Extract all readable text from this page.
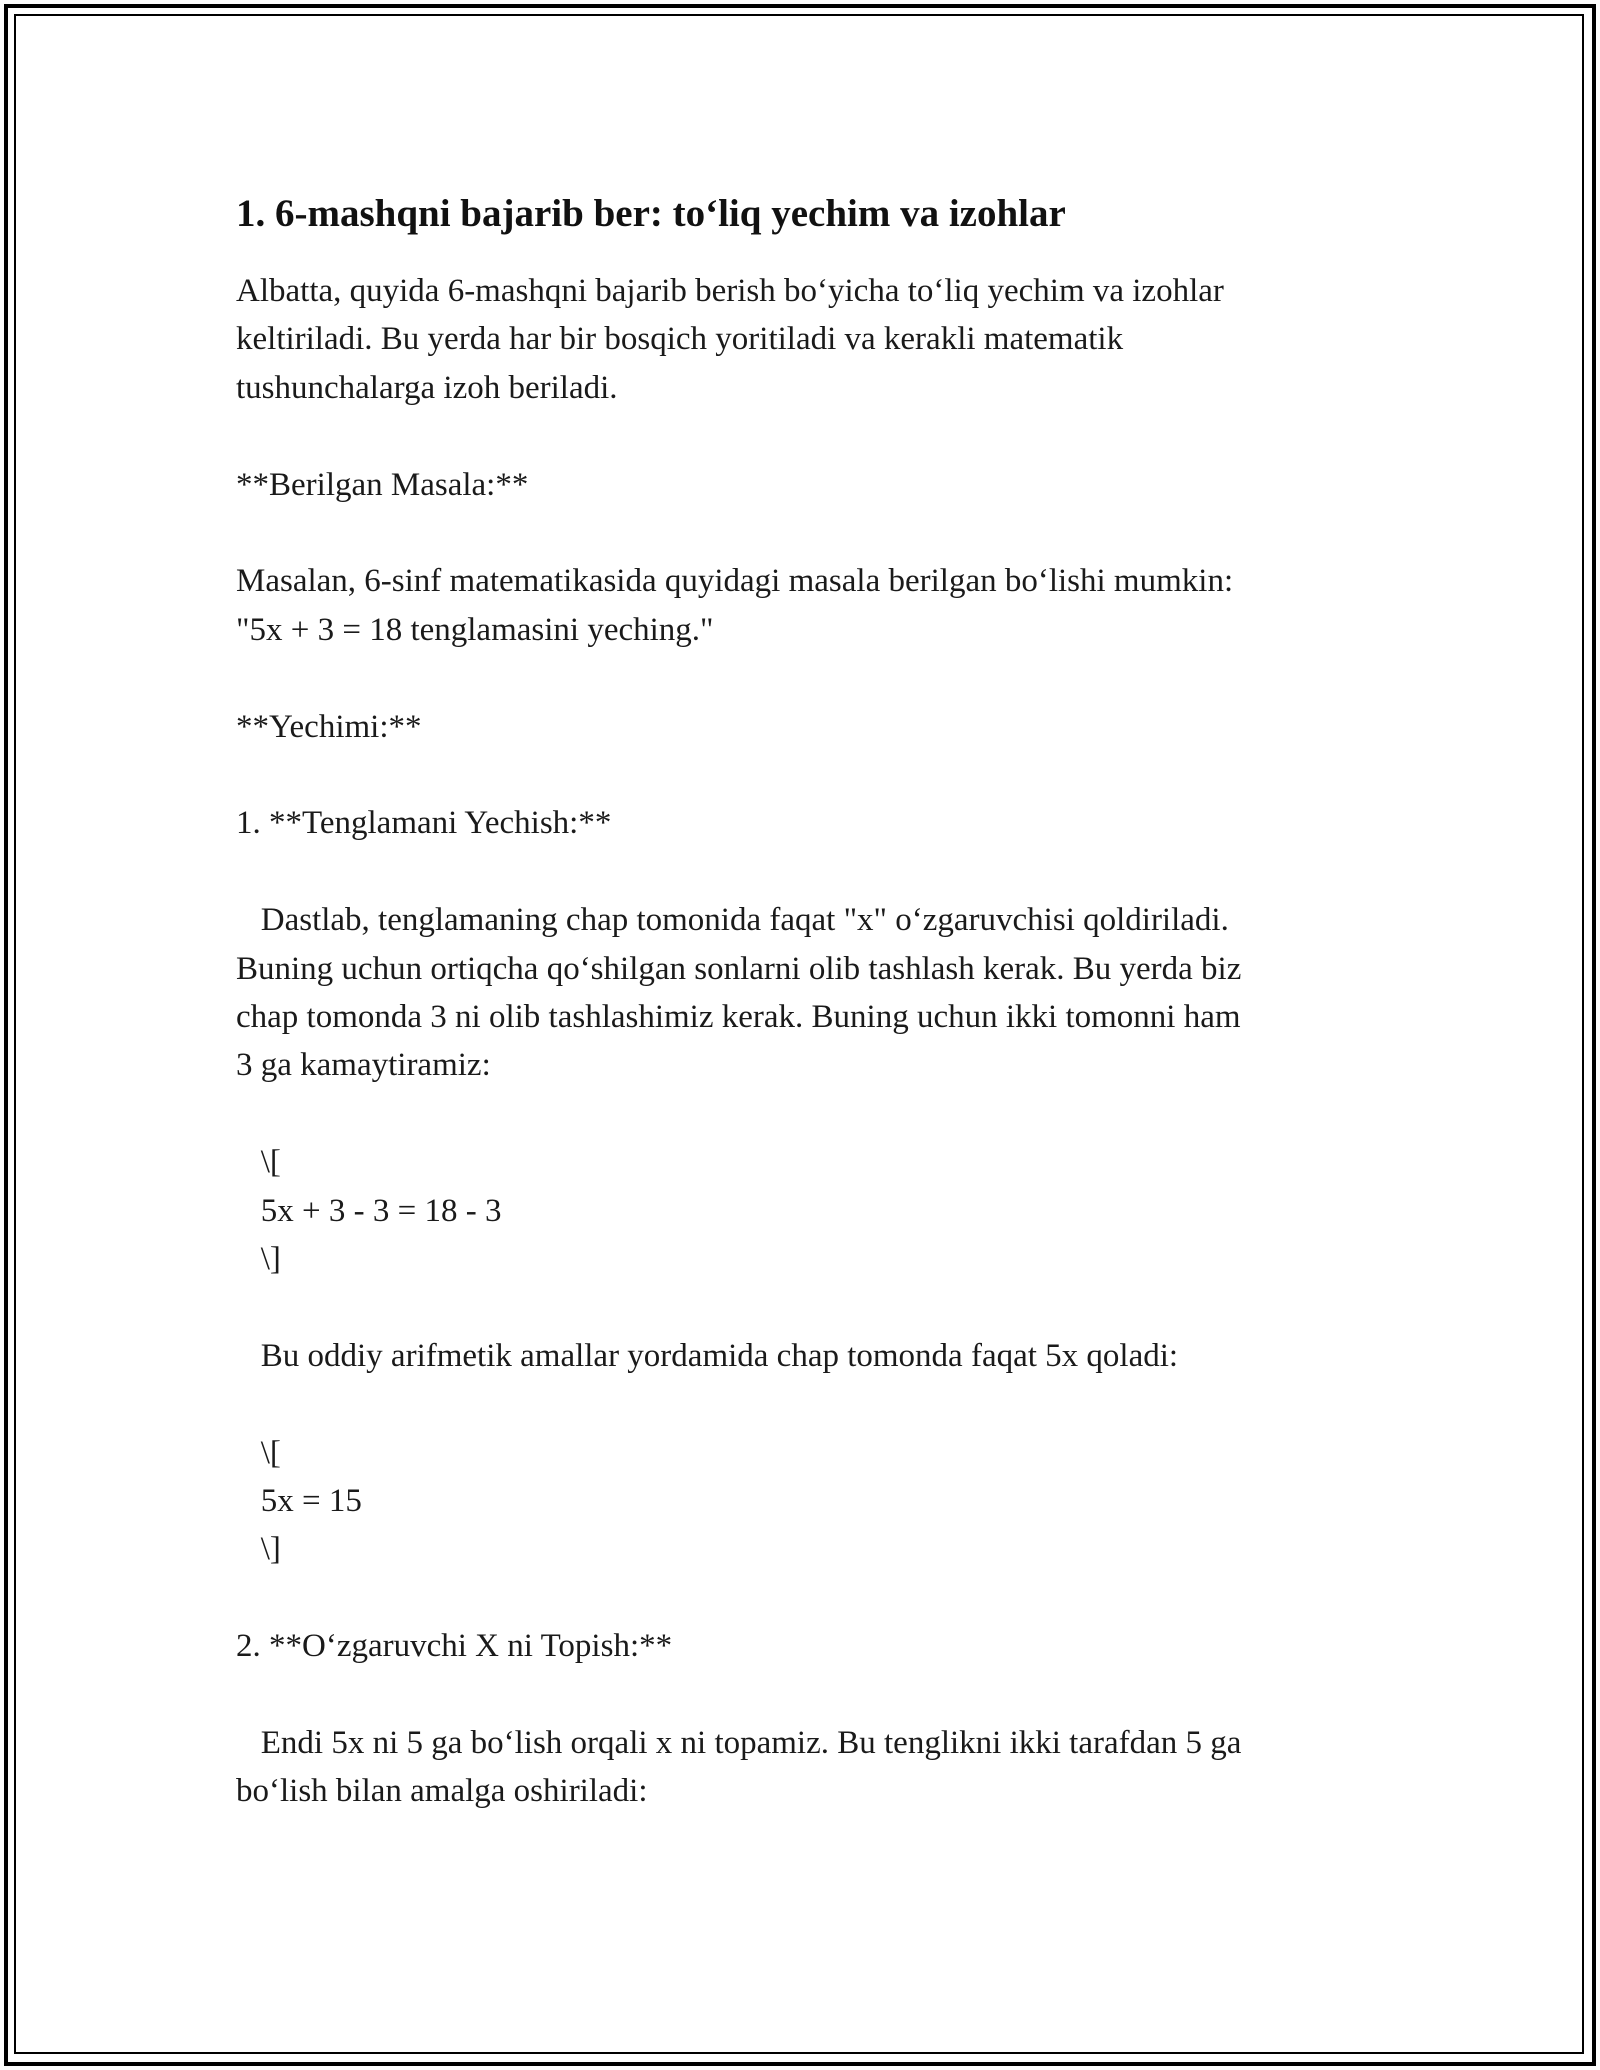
1. 6-mashqni bajarib ber: to‘liq yechim va izohlar
Albatta, quyida 6-mashqni bajarib berish bo‘yicha to‘liq yechim va izohlar
keltiriladi. Bu yerda har bir bosqich yoritiladi va kerakli matematik
tushunchalarga izoh beriladi.
**Berilgan Masala:**
Masalan, 6-sinf matematikasida quyidagi masala berilgan bo‘lishi mumkin:
"5x + 3 = 18 tenglamasini yeching."
**Yechimi:**
1. **Tenglamani Yechish:**
Dastlab, tenglamaning chap tomonida faqat "x" o‘zgaruvchisi qoldiriladi.
Buning uchun ortiqcha qo‘shilgan sonlarni olib tashlash kerak. Bu yerda biz
chap tomonda 3 ni olib tashlashimiz kerak. Buning uchun ikki tomonni ham
3 ga kamaytiramiz:
\[
5x + 3 - 3 = 18 - 3
\]
Bu oddiy arifmetik amallar yordamida chap tomonda faqat 5x qoladi:
\[
5x = 15
\]
2. **O‘zgaruvchi X ni Topish:**
Endi 5x ni 5 ga bo‘lish orqali x ni topamiz. Bu tenglikni ikki tarafdan 5 ga
bo‘lish bilan amalga oshiriladi:
